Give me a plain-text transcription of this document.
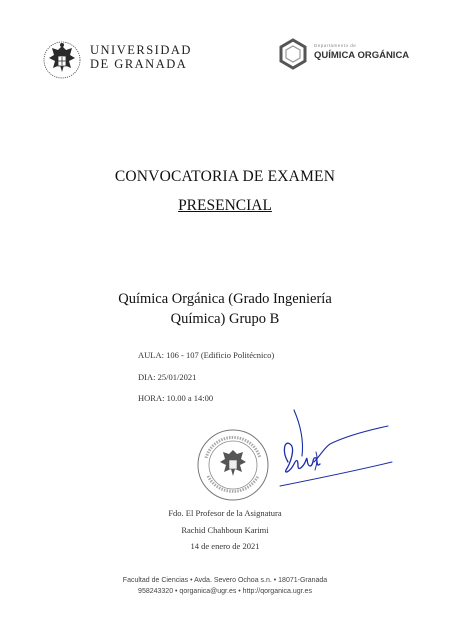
UNIVERSIDAD
DE GRANADA
Departamento de
QUÍMICA ORGÁNICA
CONVOCATORIA DE EXAMEN
PRESENCIAL
Química Orgánica (Grado Ingeniería
Química) Grupo B
AULA: 106 - 107 (Edificio Politécnico)
DIA: 25/01/2021
HORA: 10.00 a 14:00
Fdo. El Profesor de la Asignatura
Rachid Chahboun Karimi
14 de enero de 2021
Facultad de Ciencias • Avda. Severo Ochoa s.n. • 18071-Granada
958243320 • qorganica@ugr.es • http://qorganica.ugr.es
